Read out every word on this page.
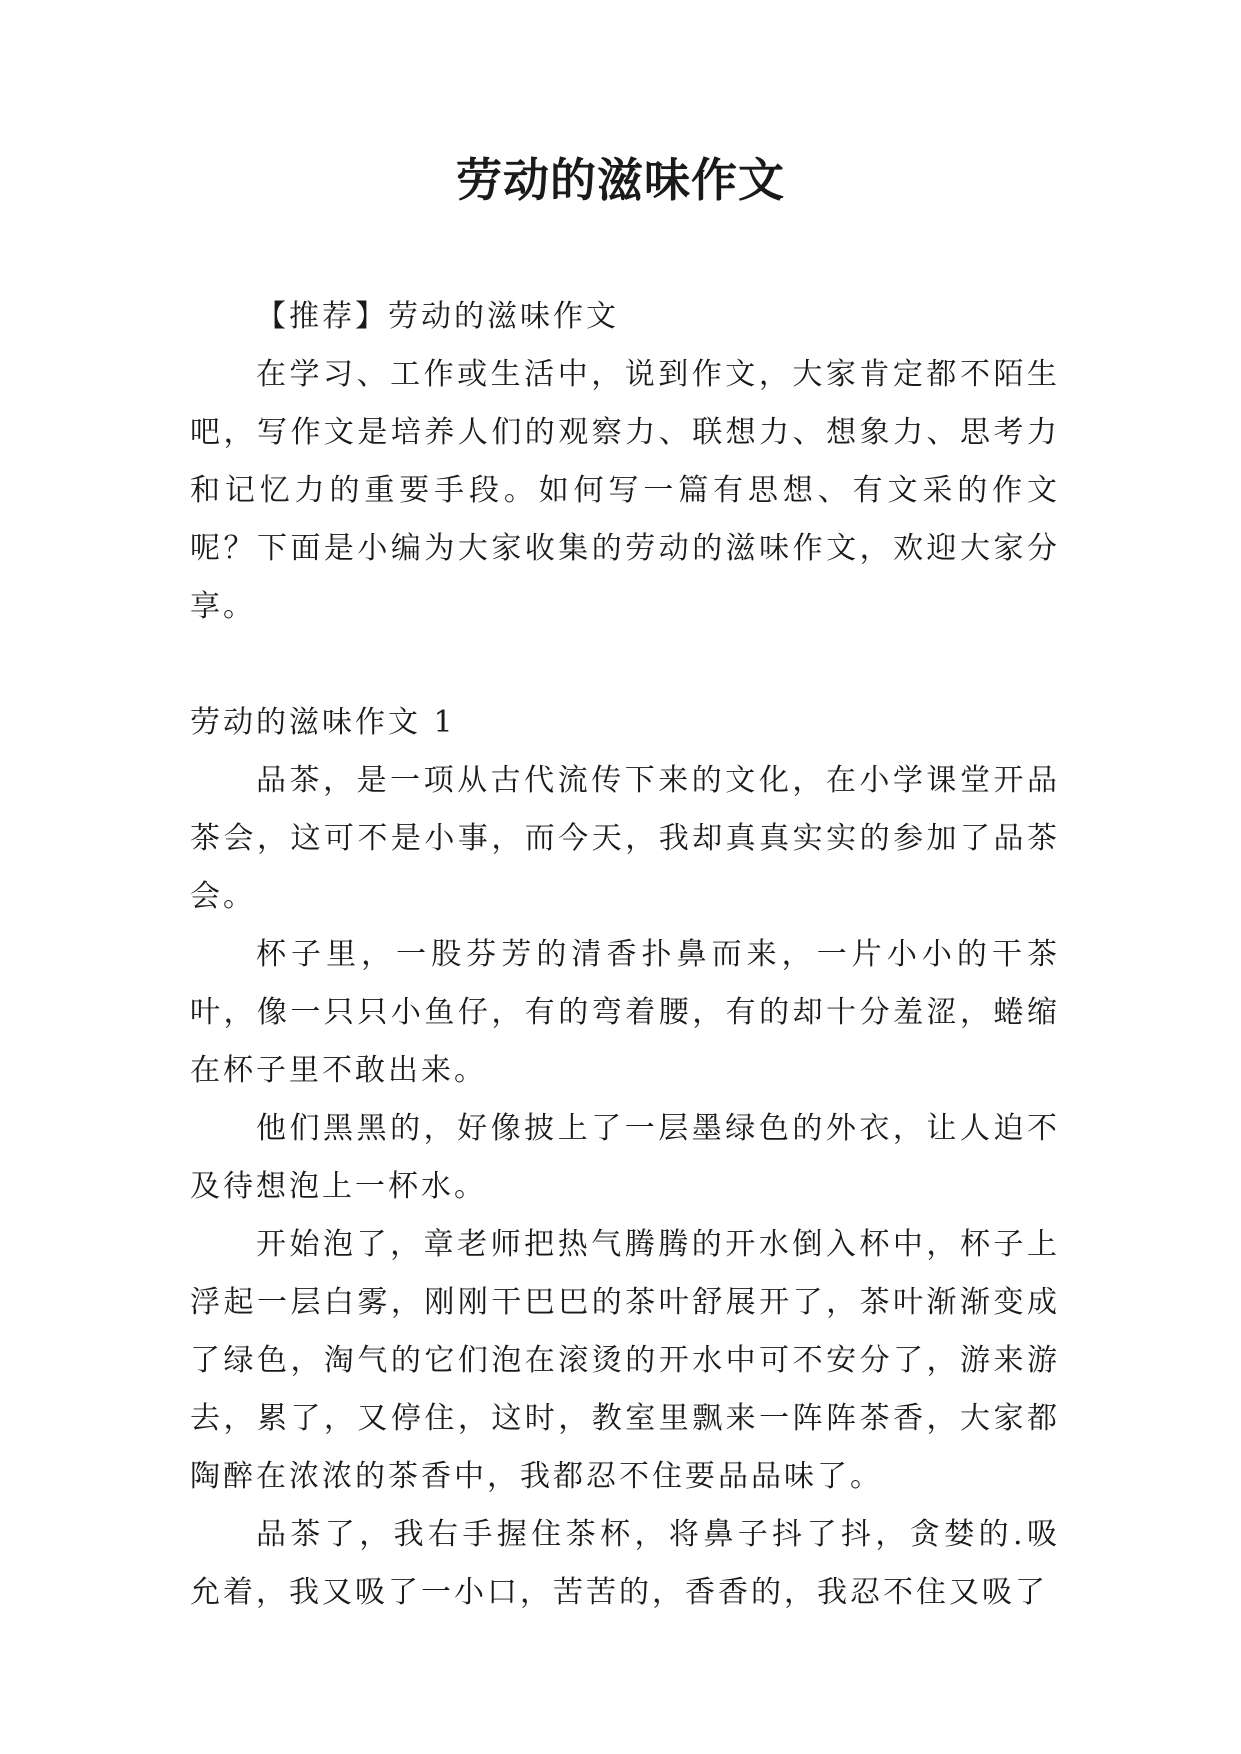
劳动的滋味作文

【推荐】劳动的滋味作文

在学习、工作或生活中，说到作文，大家肯定都不陌生吧，写作文是培养人们的观察力、联想力、想象力、思考力和记忆力的重要手段。如何写一篇有思想、有文采的作文呢？下面是小编为大家收集的劳动的滋味作文，欢迎大家分享。

劳动的滋味作文 1

品茶，是一项从古代流传下来的文化，在小学课堂开品茶会，这可不是小事，而今天，我却真真实实的参加了品茶会。

杯子里，一股芬芳的清香扑鼻而来，一片小小的干茶叶，像一只只小鱼仔，有的弯着腰，有的却十分羞涩，蜷缩在杯子里不敢出来。

他们黑黑的，好像披上了一层墨绿色的外衣，让人迫不及待想泡上一杯水。

开始泡了，章老师把热气腾腾的开水倒入杯中，杯子上浮起一层白雾，刚刚干巴巴的茶叶舒展开了，茶叶渐渐变成了绿色，淘气的它们泡在滚烫的开水中可不安分了，游来游去，累了，又停住，这时，教室里飘来一阵阵茶香，大家都陶醉在浓浓的茶香中，我都忍不住要品品味了。

品茶了，我右手握住茶杯，将鼻子抖了抖，贪婪的.吸允着，我又吸了一小口，苦苦的，香香的，我忍不住又吸了
